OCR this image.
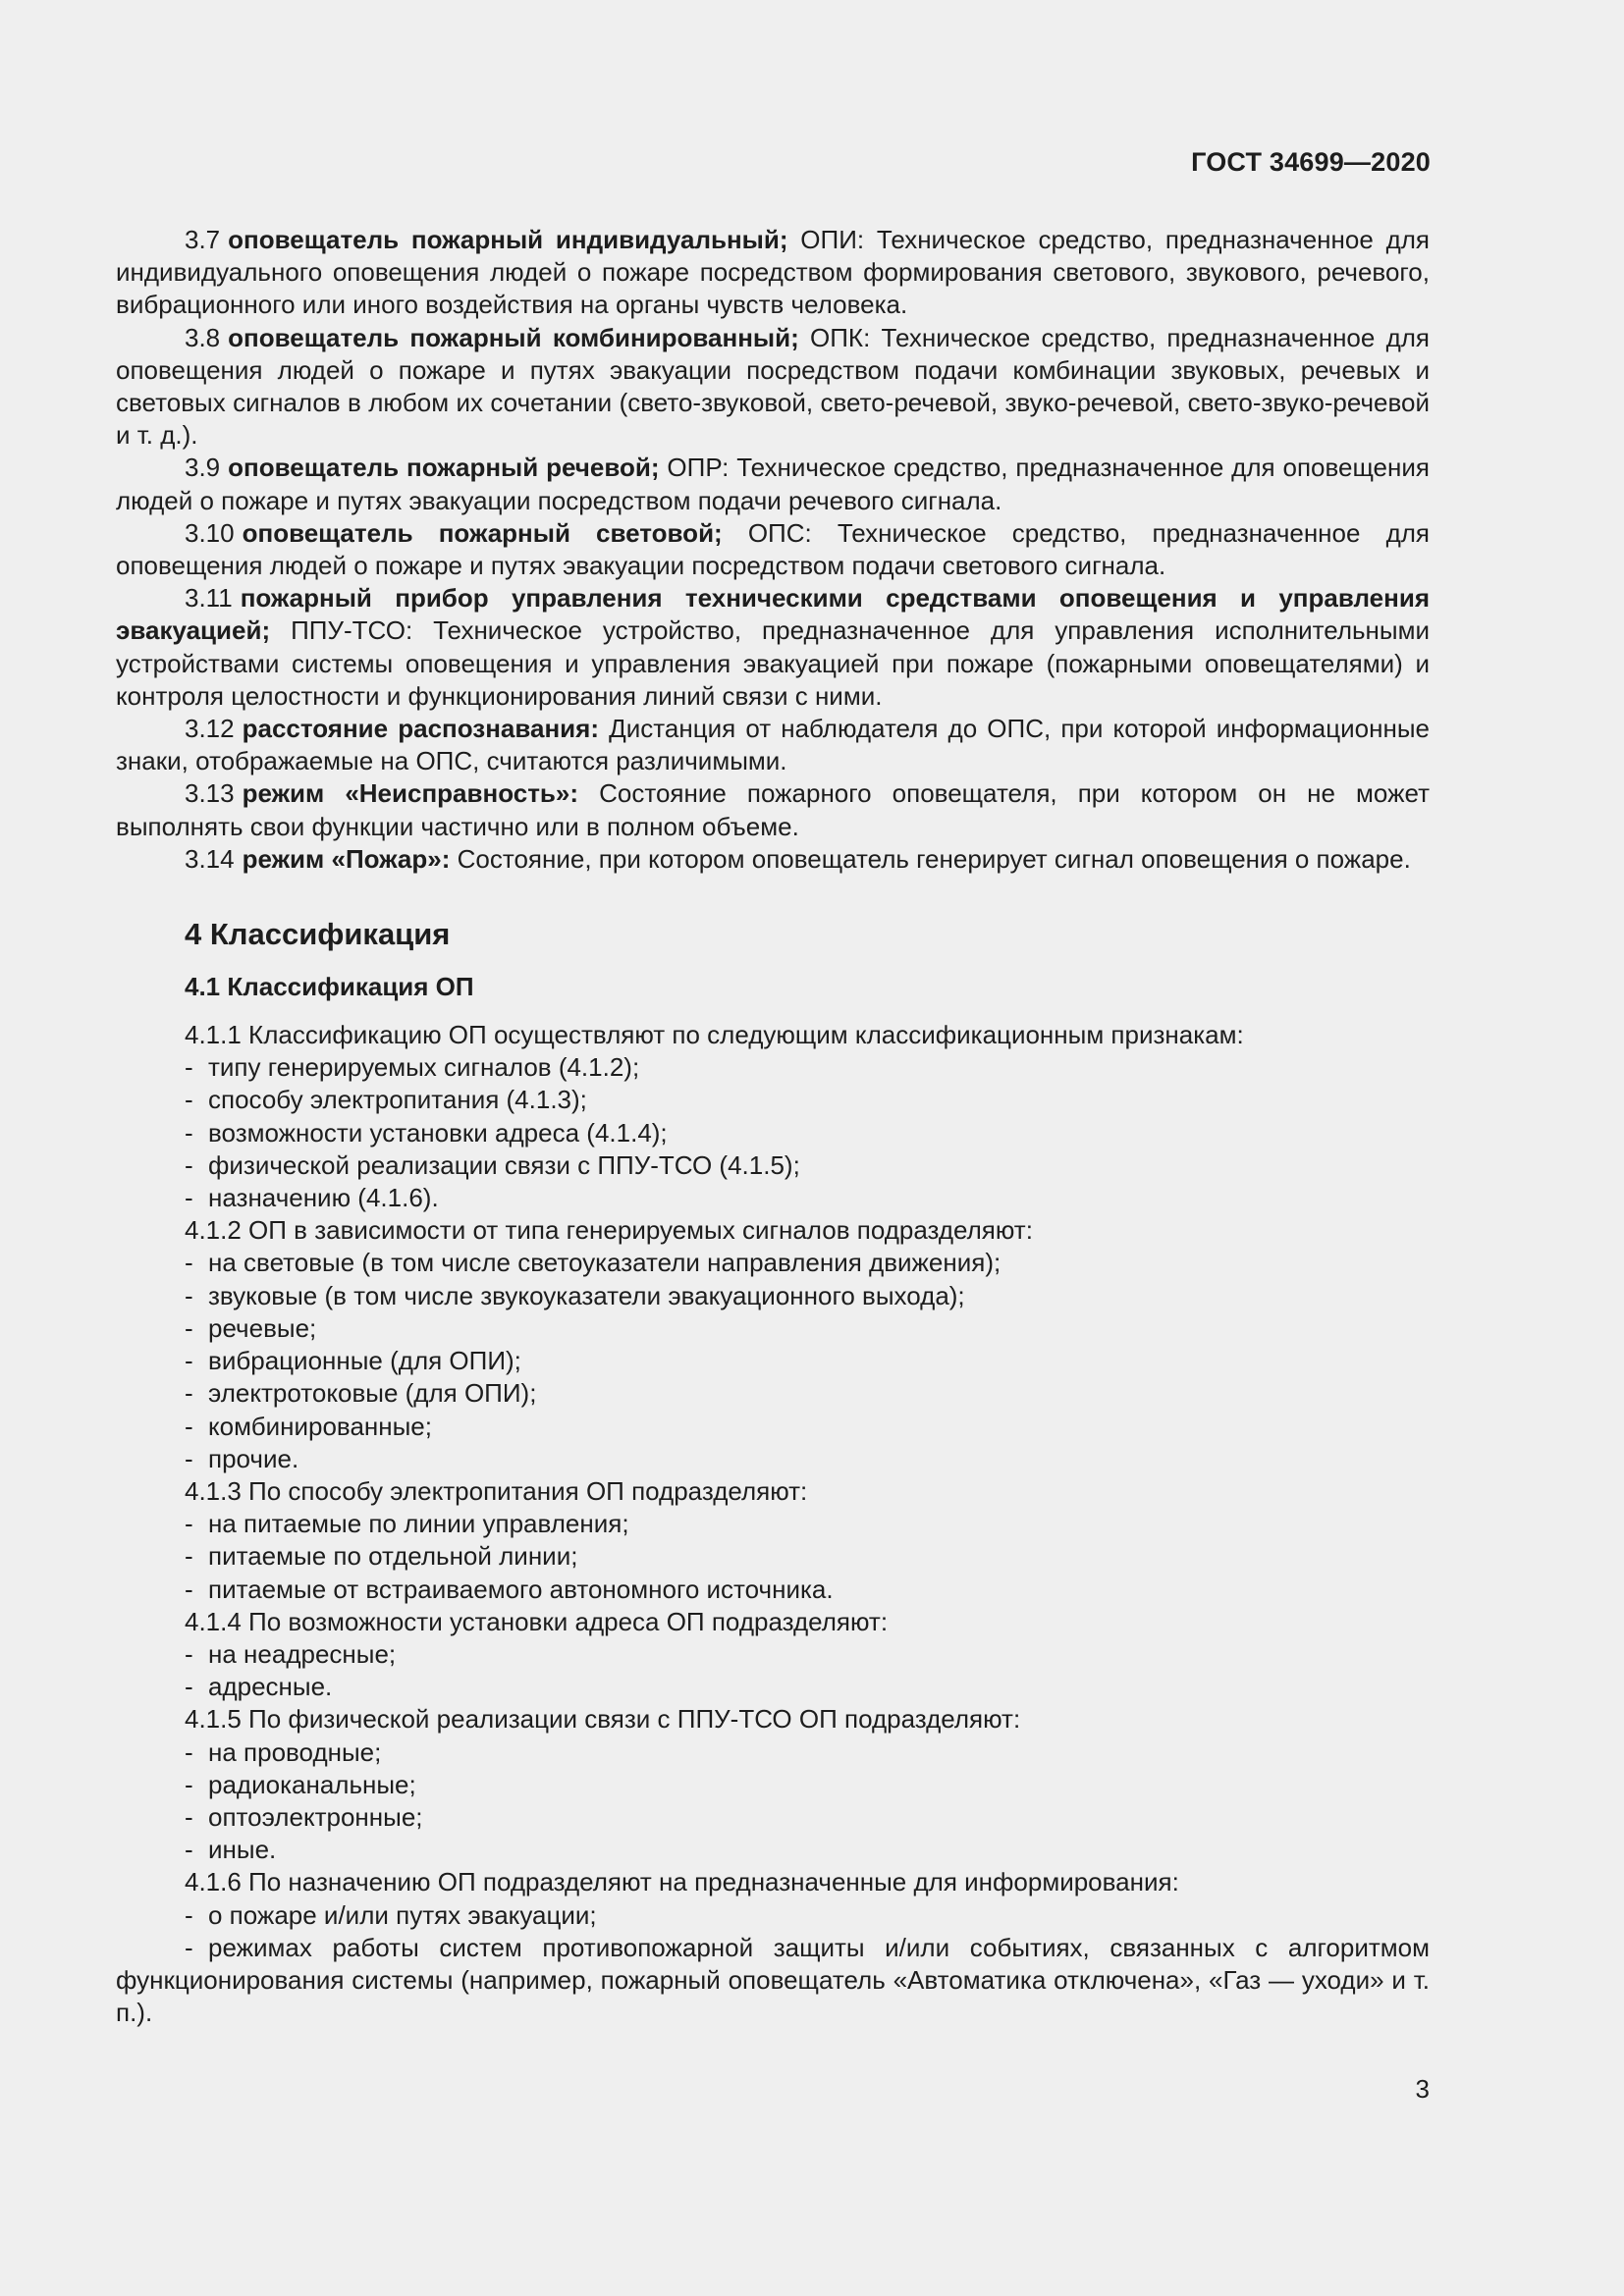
ГОСТ 34699—2020

3.7 оповещатель пожарный индивидуальный; ОПИ: Техническое средство, предназначенное для индивидуального оповещения людей о пожаре посредством формирования светового, звукового, речевого, вибрационного или иного воздействия на органы чувств человека.

3.8 оповещатель пожарный комбинированный; ОПК: Техническое средство, предназначенное для оповещения людей о пожаре и путях эвакуации посредством подачи комбинации звуковых, речевых и световых сигналов в любом их сочетании (свето-звуковой, свето-речевой, звуко-речевой, свето-звуко-речевой и т. д.).

3.9 оповещатель пожарный речевой; ОПР: Техническое средство, предназначенное для оповещения людей о пожаре и путях эвакуации посредством подачи речевого сигнала.

3.10 оповещатель пожарный световой; ОПС: Техническое средство, предназначенное для оповещения людей о пожаре и путях эвакуации посредством подачи светового сигнала.

3.11 пожарный прибор управления техническими средствами оповещения и управления эвакуацией; ППУ-ТСО: Техническое устройство, предназначенное для управления исполнительными устройствами системы оповещения и управления эвакуацией при пожаре (пожарными оповещателями) и контроля целостности и функционирования линий связи с ними.

3.12 расстояние распознавания: Дистанция от наблюдателя до ОПС, при которой информационные знаки, отображаемые на ОПС, считаются различимыми.

3.13 режим «Неисправность»: Состояние пожарного оповещателя, при котором он не может выполнять свои функции частично или в полном объеме.

3.14 режим «Пожар»: Состояние, при котором оповещатель генерирует сигнал оповещения о пожаре.

4 Классификация
4.1 Классификация ОП

4.1.1 Классификацию ОП осуществляют по следующим классификационным признакам:

- типу генерируемых сигналов (4.1.2);

- способу электропитания (4.1.3);

- возможности установки адреса (4.1.4);

- физической реализации связи с ППУ-ТСО (4.1.5);

- назначению (4.1.6).

4.1.2 ОП в зависимости от типа генерируемых сигналов подразделяют:

- на световые (в том числе светоуказатели направления движения);

- звуковые (в том числе звукоуказатели эвакуационного выхода);

- речевые;

- вибрационные (для ОПИ);

- электротоковые (для ОПИ);

- комбинированные;

- прочие.

4.1.3 По способу электропитания ОП подразделяют:

- на питаемые по линии управления;

- питаемые по отдельной линии;

- питаемые от встраиваемого автономного источника.

4.1.4 По возможности установки адреса ОП подразделяют:

- на неадресные;

- адресные.

4.1.5 По физической реализации связи с ППУ-ТСО ОП подразделяют:

- на проводные;

- радиоканальные;

- оптоэлектронные;

- иные.

4.1.6 По назначению ОП подразделяют на предназначенные для информирования:

- о пожаре и/или путях эвакуации;

- режимах работы систем противопожарной защиты и/или событиях, связанных с алгоритмом функционирования системы (например, пожарный оповещатель «Автоматика отключена», «Газ — уходи» и т. п.).

3
